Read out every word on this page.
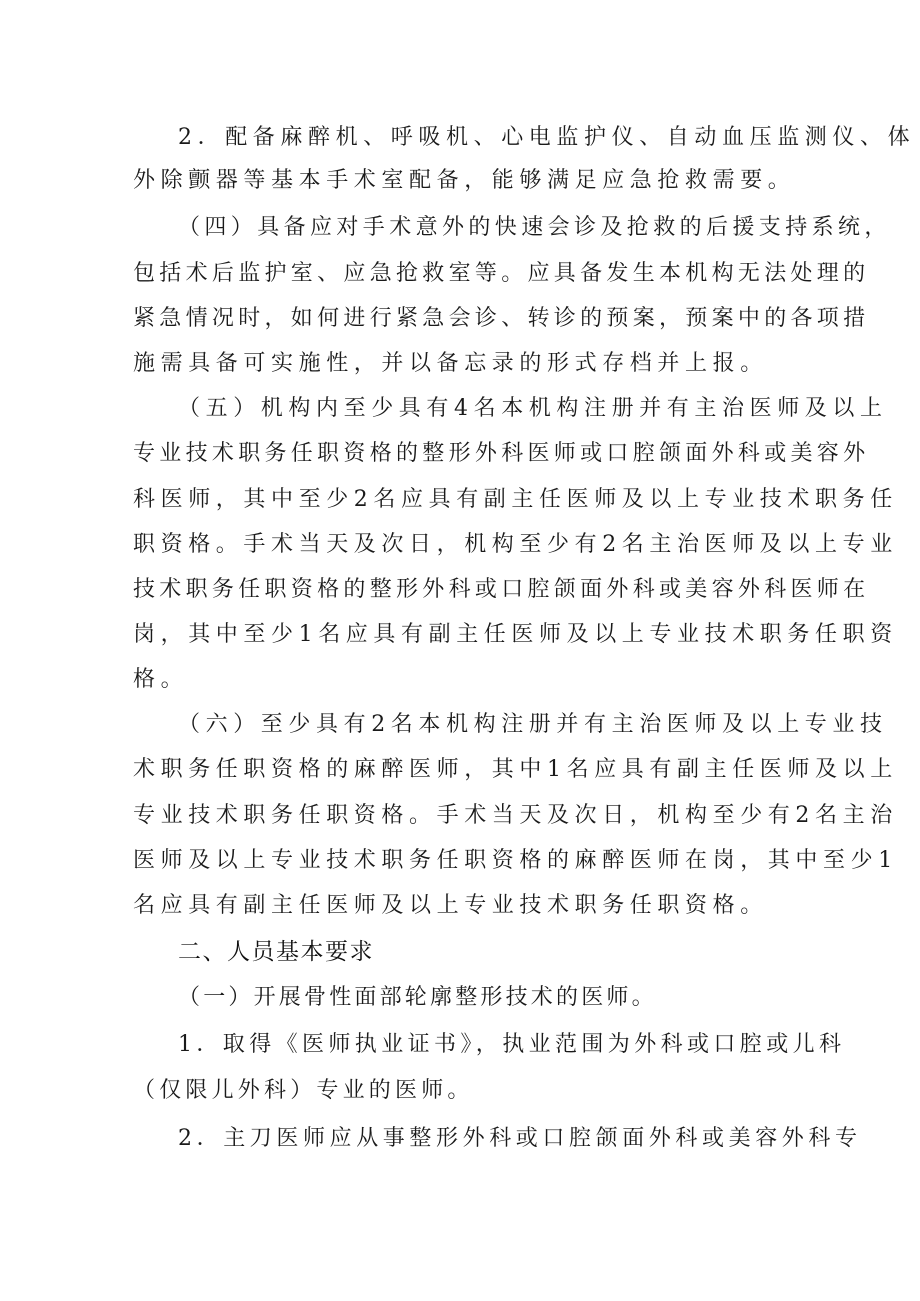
2．配备麻醉机、呼吸机、心电监护仪、自动血压监测仪、体
外除颤器等基本手术室配备，能够满足应急抢救需要。
（四）具备应对手术意外的快速会诊及抢救的后援支持系统，
包括术后监护室、应急抢救室等。应具备发生本机构无法处理的
紧急情况时，如何进行紧急会诊、转诊的预案，预案中的各项措
施需具备可实施性，并以备忘录的形式存档并上报。
（五）机构内至少具有4名本机构注册并有主治医师及以上
专业技术职务任职资格的整形外科医师或口腔颌面外科或美容外
科医师，其中至少2名应具有副主任医师及以上专业技术职务任
职资格。手术当天及次日，机构至少有2名主治医师及以上专业
技术职务任职资格的整形外科或口腔颌面外科或美容外科医师在
岗，其中至少1名应具有副主任医师及以上专业技术职务任职资
格。
（六）至少具有2名本机构注册并有主治医师及以上专业技
术职务任职资格的麻醉医师，其中1名应具有副主任医师及以上
专业技术职务任职资格。手术当天及次日，机构至少有2名主治
医师及以上专业技术职务任职资格的麻醉医师在岗，其中至少1
名应具有副主任医师及以上专业技术职务任职资格。
二、人员基本要求
（一）开展骨性面部轮廓整形技术的医师。
1．取得《医师执业证书》，执业范围为外科或口腔或儿科
（仅限儿外科）专业的医师。
2．主刀医师应从事整形外科或口腔颌面外科或美容外科专
